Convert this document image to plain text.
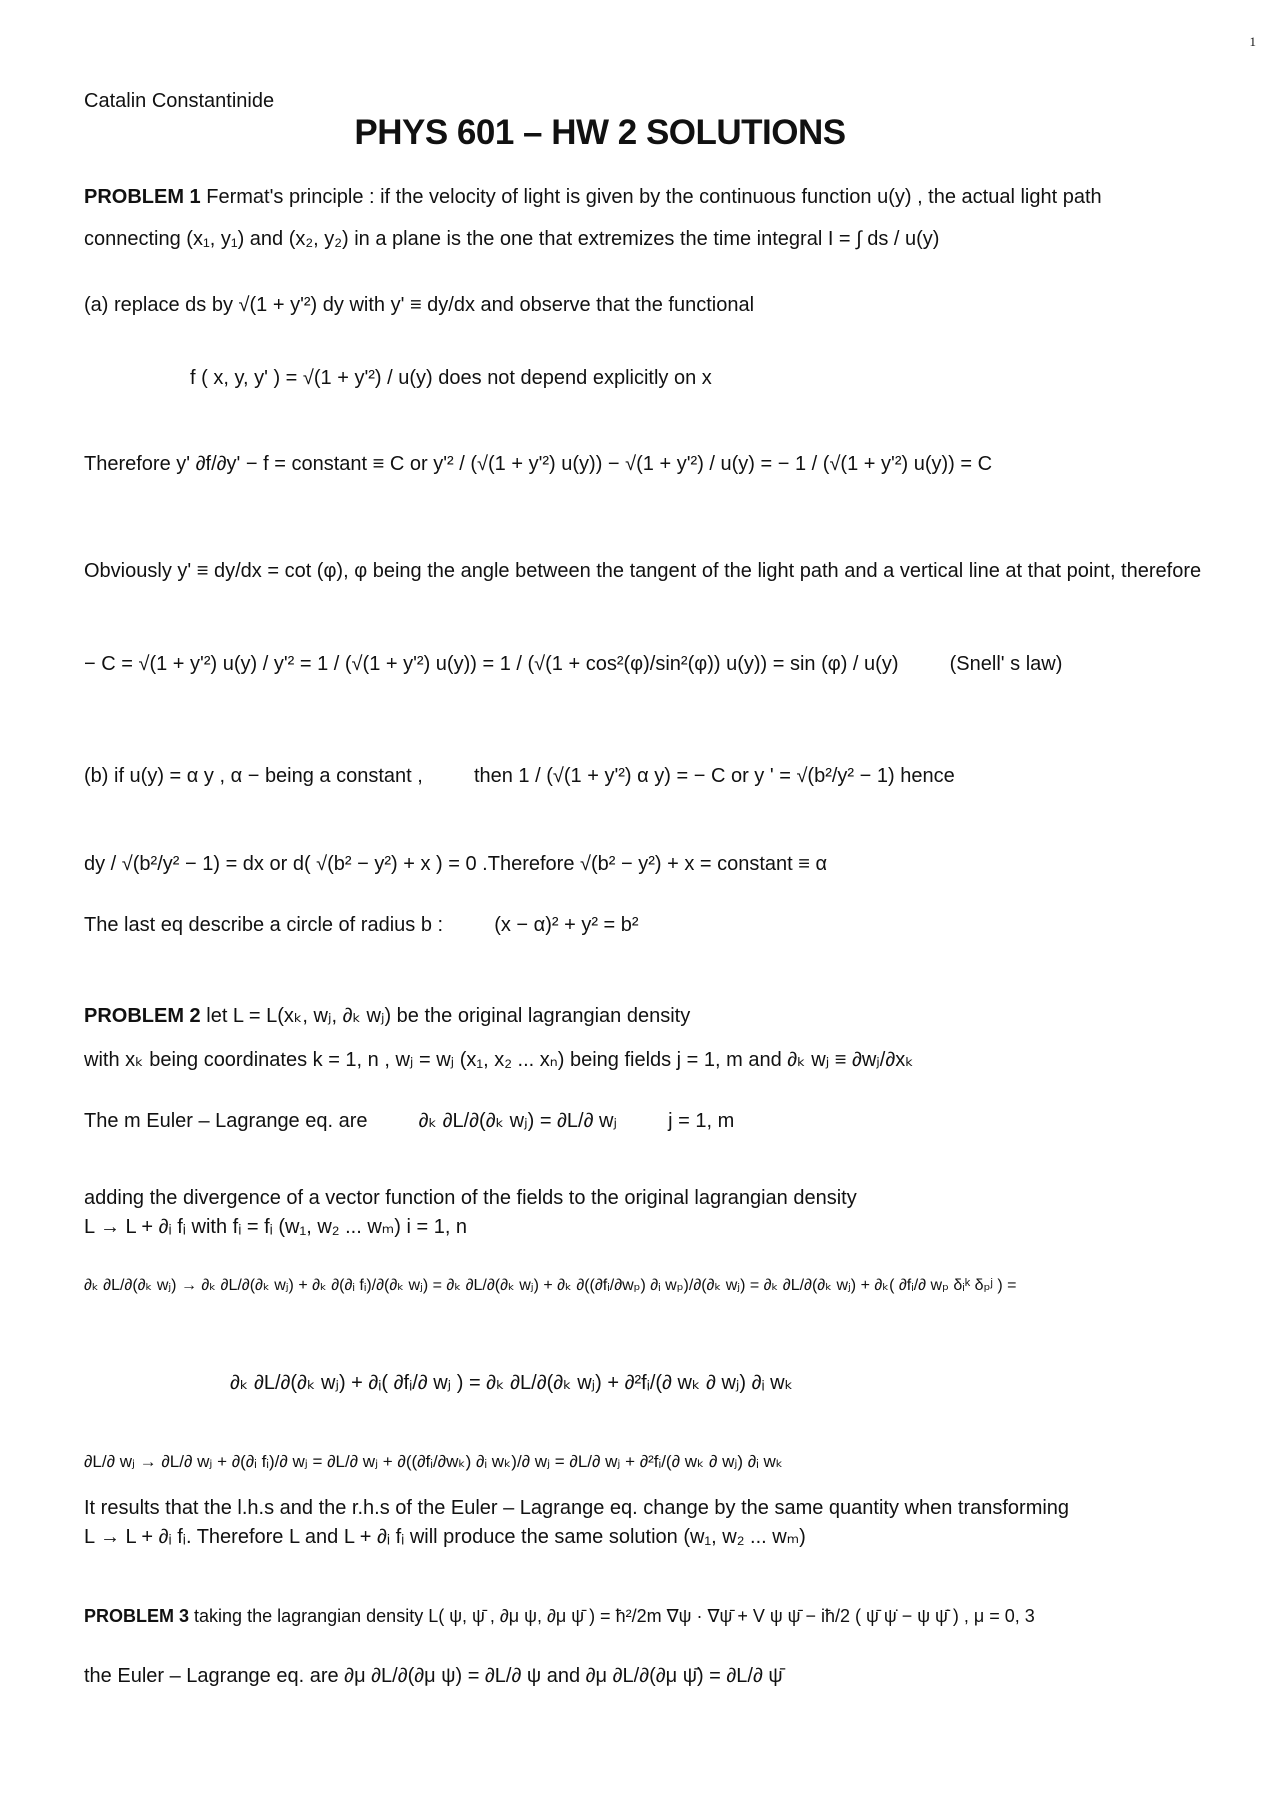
1
Catalin Constantinide
PHYS 601 – HW 2 SOLUTIONS
PROBLEM 1 Fermat's principle : if the velocity of light is given by the continuous function u(y) , the actual light path
connecting (x₁, y₁) and (x₂, y₂) in a plane is the one that extremizes the time integral I = ∫ ds / u(y)
(a) replace ds by √(1 + y'²) dy with y' ≡ dy/dx and observe that the functional
f ( x, y, y' ) = √(1 + y'²) / u(y) does not depend explicitly on x
Therefore y' ∂f/∂y' − f = constant ≡ C or y'² / (√(1 + y'²) u(y)) − √(1 + y'²) / u(y) = − 1 / (√(1 + y'²) u(y)) = C
Obviously y' ≡ dy/dx = cot (φ), φ being the angle between the tangent of the light path and a vertical line at that point, therefore
− C = √(1 + y'²) u(y) / y'² = 1 / (√(1 + y'²) u(y)) = 1 / (√(1 + cos²(φ)/sin²(φ)) u(y)) = sin (φ) / u(y)	(Snell' s law)
(b) if u(y) = α y , α − being a constant ,	then 1 / (√(1 + y'²) α y) = − C or y ' = √(b²/y² − 1) hence
dy / √(b²/y² − 1) = dx or d( √(b² − y²) + x ) = 0 .Therefore √(b² − y²) + x = constant ≡ α
The last eq describe a circle of radius b :	(x − α)² + y² = b²
PROBLEM 2 let L = L(xₖ, wⱼ, ∂ₖ wⱼ) be the original lagrangian density
with xₖ being coordinates k = 1, n , wⱼ = wⱼ (x₁, x₂ ... xₙ) being fields j = 1, m and ∂ₖ wⱼ ≡ ∂wⱼ/∂xₖ
The m Euler – Lagrange eq. are	∂ₖ ∂L/∂(∂ₖ wⱼ) = ∂L/∂ wⱼ	j = 1, m
adding the divergence of a vector function of the fields to the original lagrangian density
L → L + ∂ᵢ fᵢ with fᵢ = fᵢ (w₁, w₂ ... wₘ) i = 1, n
∂ₖ ∂L/∂(∂ₖ wⱼ) → ∂ₖ ∂L/∂(∂ₖ wⱼ) + ∂ₖ ∂(∂ᵢ fᵢ)/∂(∂ₖ wⱼ) = ∂ₖ ∂L/∂(∂ₖ wⱼ) + ∂ₖ ∂((∂fᵢ/∂wₚ) ∂ᵢ wₚ)/∂(∂ₖ wⱼ) = ∂ₖ ∂L/∂(∂ₖ wⱼ) + ∂ₖ( ∂fᵢ/∂ wₚ δᵢᵏ δₚʲ ) =
∂ₖ ∂L/∂(∂ₖ wⱼ) + ∂ᵢ( ∂fᵢ/∂ wⱼ ) = ∂ₖ ∂L/∂(∂ₖ wⱼ) + ∂²fᵢ/(∂ wₖ ∂ wⱼ) ∂ᵢ wₖ
∂L/∂ wⱼ → ∂L/∂ wⱼ + ∂(∂ᵢ fᵢ)/∂ wⱼ = ∂L/∂ wⱼ + ∂((∂fᵢ/∂wₖ) ∂ᵢ wₖ)/∂ wⱼ = ∂L/∂ wⱼ + ∂²fᵢ/(∂ wₖ ∂ wⱼ) ∂ᵢ wₖ
It results that the l.h.s and the r.h.s of the Euler – Lagrange eq. change by the same quantity when transforming
L → L + ∂ᵢ fᵢ. Therefore L and L + ∂ᵢ fᵢ will produce the same solution (w₁, w₂ ... wₘ)
PROBLEM 3 taking the lagrangian density L( ψ, ψ̄ , ∂μ ψ, ∂μ ψ̄ ) = ħ²/2m ∇ψ · ∇ψ̄ + V ψ ψ̄ − iħ/2 ( ψ̄ ψ̇ − ψ ψ̄̇ ) , μ = 0, 3
the Euler – Lagrange eq. are ∂μ ∂L/∂(∂μ ψ) = ∂L/∂ ψ and ∂μ ∂L/∂(∂μ ψ̄) = ∂L/∂ ψ̄
